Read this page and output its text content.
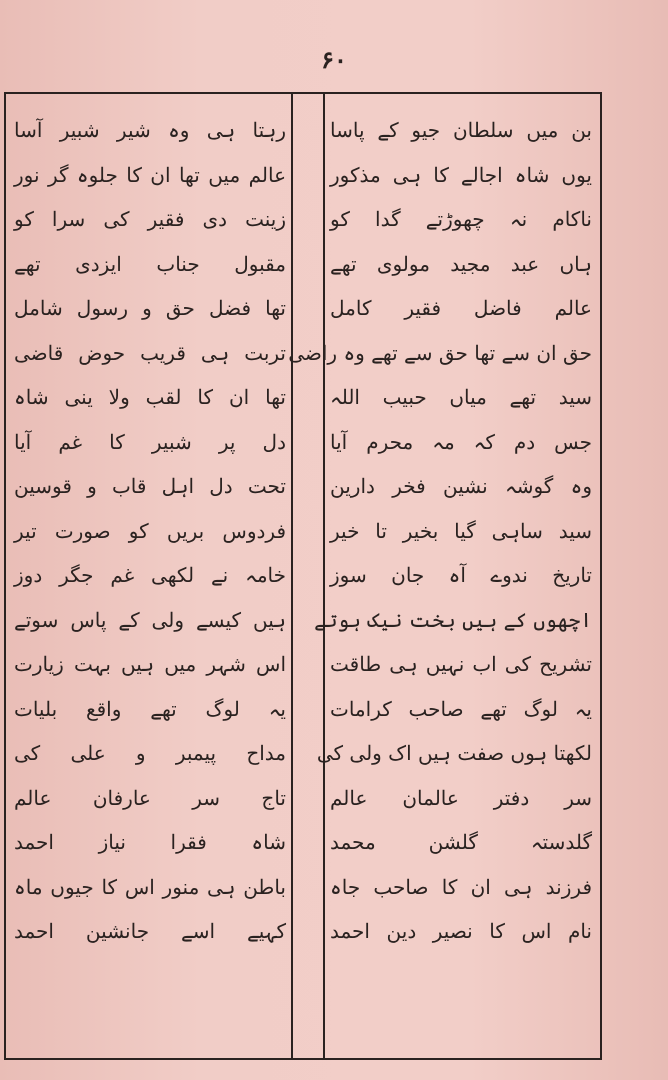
۶۰
بن میں سلطان جیو کے پاسا
یوں شاہ اجالے کا ہی مذکور
ناکام نہ چھوڑتے گدا کو
ہاں عبد مجید مولوی تھے
عالم فاضل فقیر کامل
حق ان سے تھا حق سے تھے وہ راضی
سید تھے میاں حبیب اللہ
جس دم کہ مہ محرم آیا
وہ گوشہ نشین فخر دارین
سید ساہی گیا بخیر تا خیر
تاریخ ندوے آہ جان سوز
اچھوں کے ہیں بخت نیک ہوتے
تشریح کی اب نہیں ہی طاقت
یہ لوگ تھے صاحب کرامات
لکھتا ہوں صفت ہیں اک ولی کی
سر دفتر عالمان عالم
گلدستہ گلشن محمد
فرزند ہی ان کا صاحب جاہ
نام اس کا نصیر دین احمد
رہتا ہی وہ شیر شبیر آسا
عالم میں تھا ان کا جلوہ گر نور
زینت دی فقیر کی سرا کو
مقبول جناب ایزدی تھے
تھا فضل حق و رسول شامل
تربت ہی قریب حوض قاضی
تھا ان کا لقب ولا ینی شاہ
دل پر شبیر کا غم آیا
تحت دل اہل قاب و قوسین
فردوس بریں کو صورت تیر
خامہ نے لکھی غم جگر دوز
ہیں کیسے ولی کے پاس سوتے
اس شہر میں ہیں بہت زیارت
یہ لوگ تھے واقع بلیات
مداح پیمبر و علی کی
تاج سر عارفان عالم
شاہ فقرا نیاز احمد
باطن ہی منور اس کا جیوں ماہ
کہیے اسے جانشین احمد
